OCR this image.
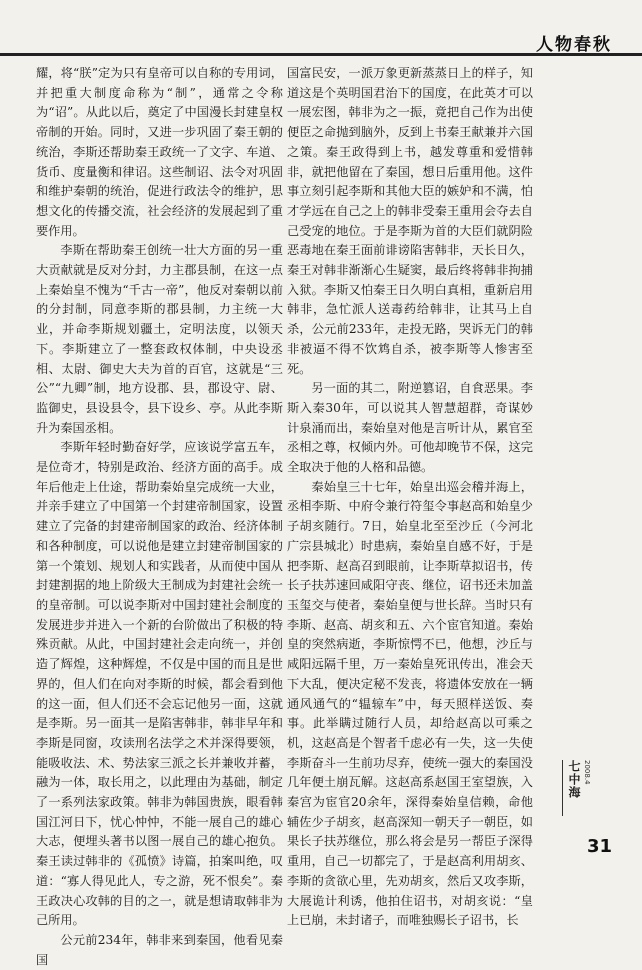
人物春秋

耀，将“朕”定为只有皇帝可以自称的专用词，并把重大制度命称为“制”，通常之令称为“诏”。从此以后，奠定了中国漫长封建皇权帝制的开始。同时，又进一步巩固了秦王朝的统治，李斯还帮助秦王政统一了文字、车道、货币、度量衡和律诏。这些制诏、法令对巩固和维护秦朝的统治，促进行政法令的维护，思想文化的传播交流，社会经济的发展起到了重要作用。

李斯在帮助秦王创统一壮大方面的另一重大贡献就是反对分封，力主郡县制，在这一点上秦始皇不愧为“千古一帝”，他反对秦朝以前的分封制，同意李斯的郡县制，力主统一大业，并命李斯规划疆土，定明法度，以领天下。李斯建立了一整套政权体制，中央设丞相、太尉、御史大夫为首的百官，这就是“三公”“九卿”制，地方设郡、县，郡设守、尉、监御史，县设县令，县下设乡、亭。从此李斯升为秦国丞相。

李斯年轻时勤奋好学，应该说学富五车，是位奇才，特别是政治、经济方面的高手。成年后他走上仕途，帮助秦始皇完成统一大业，并亲手建立了中国第一个封建帝制国家，设置建立了完备的封建帝制国家的政治、经济体制和各种制度，可以说他是建立封建帝制国家的第一个策划、规划人和实践者，从而使中国从封建割据的地上阶级大王制成为封建社会统一的皇帝制。可以说李斯对中国封建社会制度的发展进步并进入一个新的台阶做出了积极的特殊贡献。从此，中国封建社会走向统一，并创造了辉煌，这种辉煌，不仅是中国的而且是世界的，但人们在向对李斯的时候，都会看到他的这一面，但人们还不会忘记他另一面，这就是李斯。另一面其一是陷害韩非，韩非早年和李斯是同窗，攻读刑名法学之术并深得要领，能吸收法、术、势法家三派之长并兼收并蓄，融为一体，取长用之，以此理由为基础，制定了一系列法家政策。韩非为韩国贵族，眼看韩国江河日下，忧心忡忡，不能一展自己的雄心大志，便埋头著书以图一展自己的雄心抱负。秦王读过韩非的《孤愤》诗篇，拍案叫绝，叹道：“寡人得见此人，专之游，死不恨矣”。秦王政决心攻韩的目的之一，就是想请取韩非为己所用。

公元前234年，韩非来到秦国，他看见秦国

国富民安，一派万象更新蒸蒸日上的样子，知道这是个英明国君治下的国度，在此英才可以一展宏图，韩非为之一振，竟把自己作为出使便臣之命抛到脑外，反到上书秦王献兼并六国之策。秦王政得到上书，越发尊重和爱惜韩非，就把他留在了秦国，想日后重用他。这件事立刻引起李斯和其他大臣的嫉妒和不满，怕才学远在自己之上的韩非受秦王重用会夺去自己受宠的地位。于是李斯为首的大臣们就阴险恶毒地在秦王面前诽谤陷害韩非，天长日久，秦王对韩非渐渐心生疑窦，最后终将韩非拘捕入狱。李斯又怕秦王日久明白真相，重新启用韩非，急忙派人送毒药给韩非，让其马上自杀，公元前233年，走投无路，哭诉无门的韩非被逼不得不饮鸩自杀，被李斯等人惨害至死。

另一面的其二，附逆篡诏，自食恶果。李斯入秦30年，可以说其人智慧超群，奇谋妙计泉涌而出，秦始皇对他是言听计从，累官至丞相之尊，权倾内外。可他却晚节不保，这完全取决于他的人格和品德。

秦始皇三十七年，始皇出巡会稽并海上，丞相李斯、中府令兼行符玺令事赵高和始皇少子胡亥随行。7日，始皇北至至沙丘（今河北广宗县城北）时患病，秦始皇自感不好，于是把李斯、赵高召到眼前，让李斯草拟诏书，传长子扶苏速回咸阳守丧、继位，诏书还未加盖玉玺交与使者，秦始皇便与世长辞。当时只有李斯、赵高、胡亥和五、六个宦官知道。秦始皇的突然病逝，李斯惊愕不已，他想，沙丘与咸阳远隔千里，万一秦始皇死讯传出，准会天下大乱，便决定秘不发丧，将遗体安放在一辆通风通气的“辒辌车”中，每天照样送饭、奏事。此举瞒过随行人员，却给赵高以可乘之机，这赵高是个智者千虑必有一失，这一失使李斯奋斗一生前功尽弃，使统一强大的秦国没几年便土崩瓦解。这赵高系赵国王室望族，入秦宫为宦官20余年，深得秦始皇信赖，命他辅佐少子胡亥，赵高深知一朝天子一朝臣，如果长子扶苏继位，那么将会是另一帮臣子深得重用，自己一切都完了，于是赵高利用胡亥、李斯的贪欲心里，先劝胡亥，然后又攻李斯，大展诡计利诱，他拍住诏书，对胡亥说：“皇上已崩，未封诸子，而唯独赐长子诏书，长

七中海 2008.4
31
